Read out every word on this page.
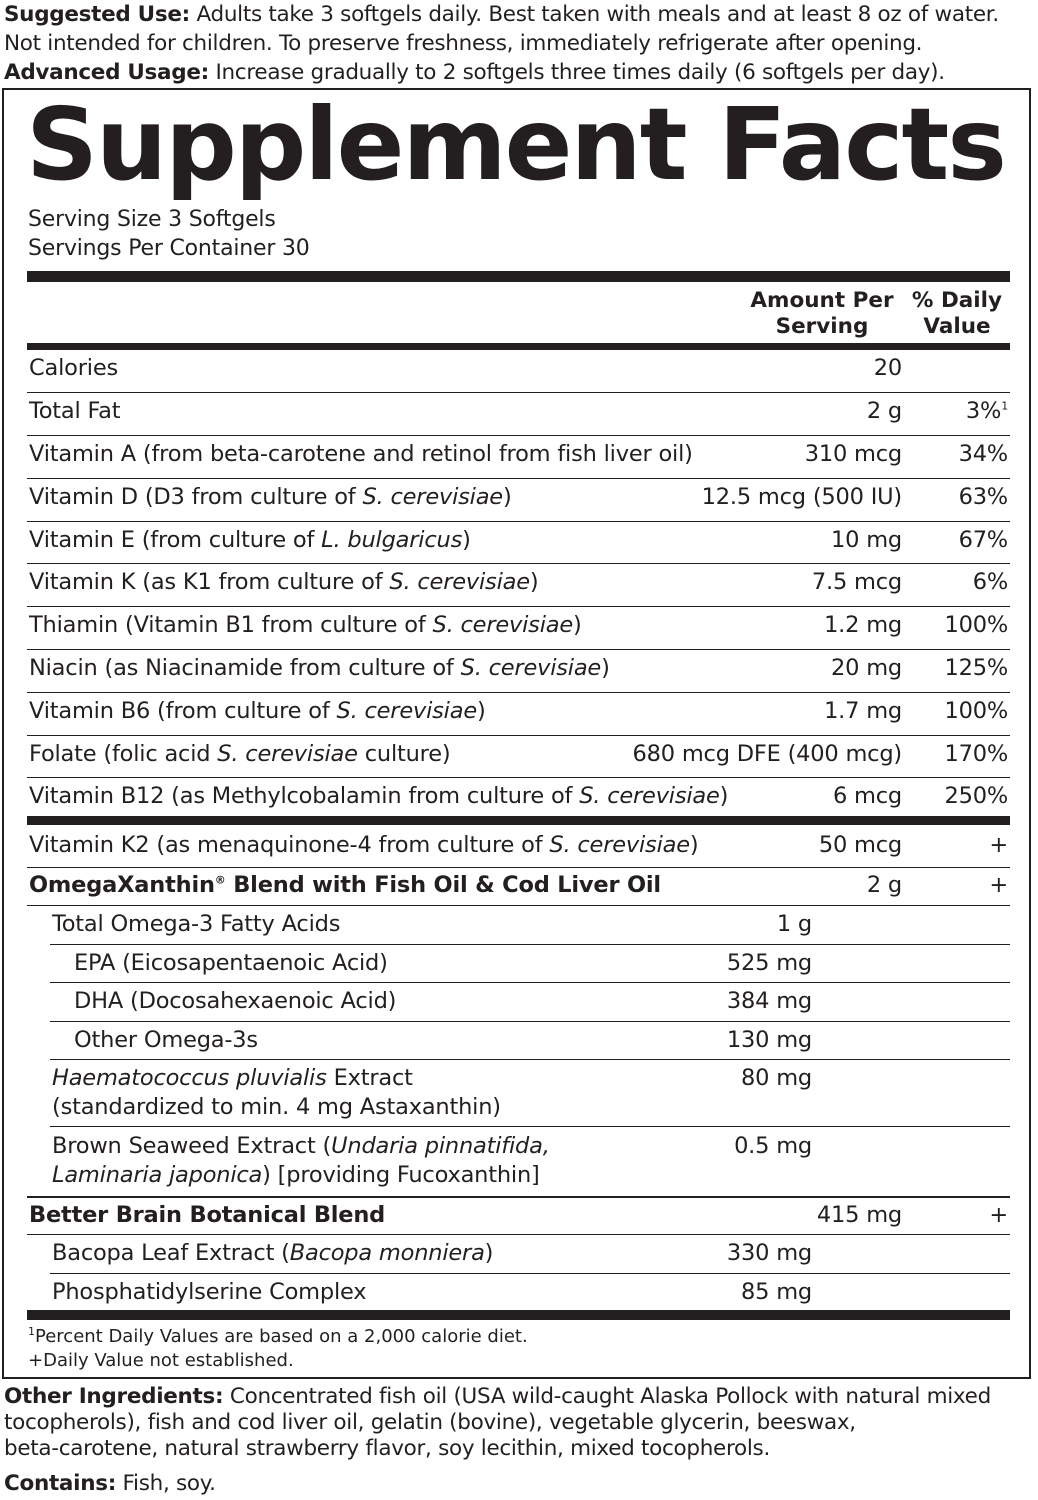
Suggested Use: Adults take 3 softgels daily. Best taken with meals and at least 8 oz of water.

Not intended for children. To preserve freshness, immediately refrigerate after opening.

Advanced Usage: Increase gradually to 2 softgels three times daily (6 softgels per day).

Supplement Facts
Serving Size 3 Softgels
Servings Per Container 30
Amount Per
Serving
% Daily
Value
Calories	20
Total Fat	2 g	3%$^1$
Vitamin A (from beta-carotene and retinol from fish liver oil)	310 mcg	34%
Vitamin D (D3 from culture of S. cerevisiae)	12.5 mcg (500 IU)	63%
Vitamin E (from culture of L. bulgaricus)	10 mg	67%
Vitamin K (as K1 from culture of S. cerevisiae)	7.5 mcg	6%
Thiamin (Vitamin B1 from culture of S. cerevisiae)	1.2 mg 100%
Niacin (as Niacinamide from culture of S. cerevisiae)	20 mg 125%
Vitamin B6 (from culture of S. cerevisiae)	1.7 mg 100%
Folate (folic acid S. cerevisiae culture)	680 mcg DFE (400 mcg) 170%
Vitamin B12 (as Methylcobalamin from culture of S. cerevisiae)	6 mcg 250%
Vitamin K2 (as menaquinone-4 from culture of S. cerevisiae)	50 mcg	+
OmegaXanthin® Blend with Fish Oil & Cod Liver Oil	2 g	+
Total Omega-3 Fatty Acids	1 g
EPA (Eicosapentaenoic Acid)	525 mg
DHA (Docosahexaenoic Acid)	384 mg
Other Omega-3s	130 mg
Haematococcus pluvialis Extract
(standardized to min. 4 mg Astaxanthin)
80 mg
Brown Seaweed Extract (Undaria pinnatifida,
Laminaria japonica) [providing Fucoxanthin]
0.5 mg
Better Brain Botanical Blend	415 mg	+
Bacopa Leaf Extract (Bacopa monniera)	330 mg
Phosphatidylserine Complex	85 mg
$^1$Percent Daily Values are based on a 2,000 calorie diet.
+Daily Value not established.

Other Ingredients: Concentrated fish oil (USA wild-caught Alaska Pollock with natural mixed

tocopherols), fish and cod liver oil, gelatin (bovine), vegetable glycerin, beeswax,

beta-carotene, natural strawberry flavor, soy lecithin, mixed tocopherols.

Contains: Fish, soy.
